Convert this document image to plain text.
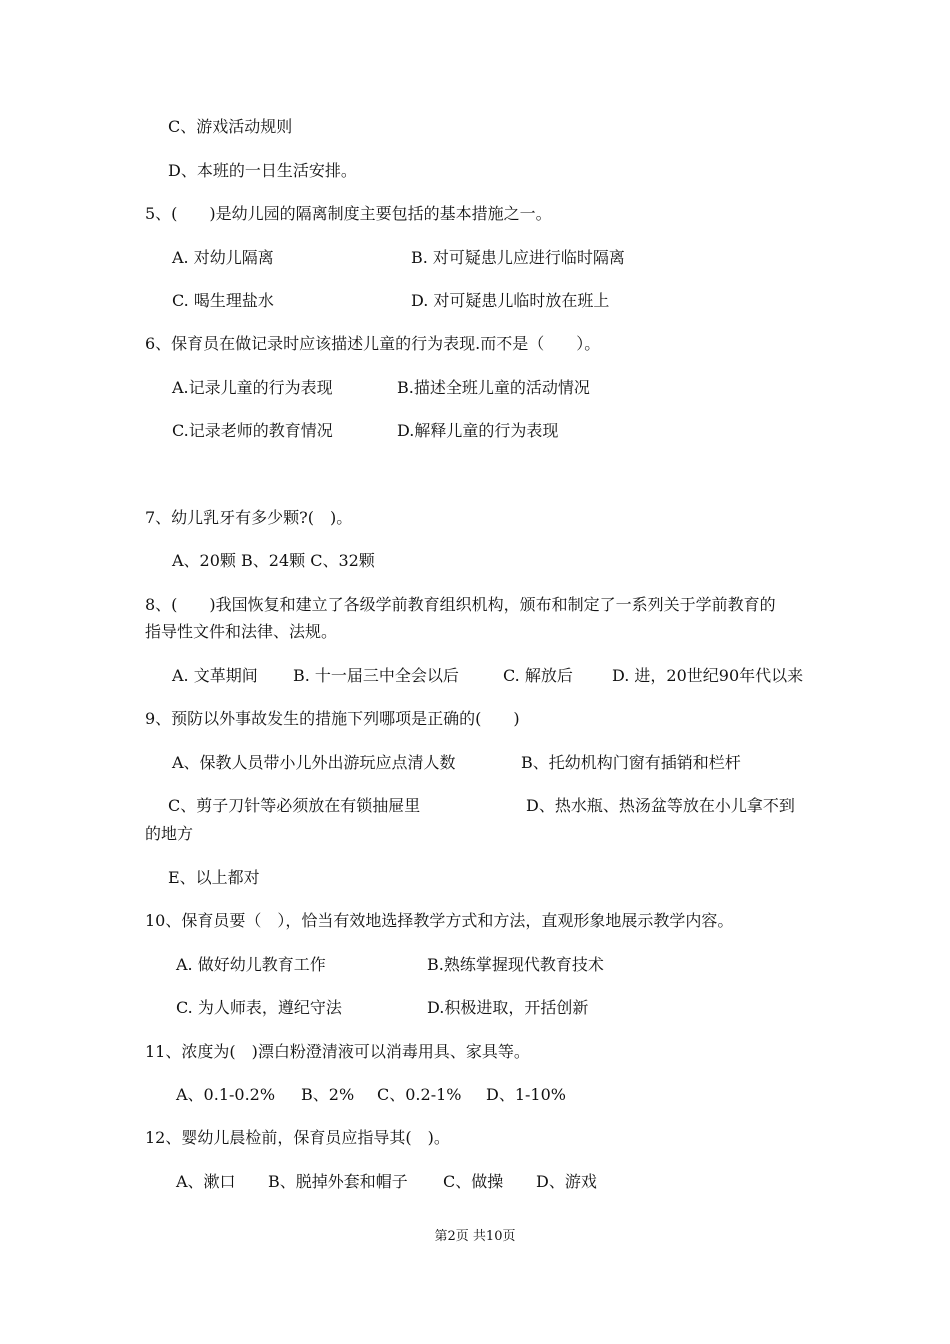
C、游戏活动规则
D、本班的一日生活安排。
5、(　　)是幼儿园的隔离制度主要包括的基本措施之一。
A. 对幼儿隔离	B. 对可疑患儿应进行临时隔离
C. 喝生理盐水	D. 对可疑患儿临时放在班上
6、保育员在做记录时应该描述儿童的行为表现.而不是（　　）。
A.记录儿童的行为表现	B.描述全班儿童的活动情况
C.记录老师的教育情况	D.解释儿童的行为表现
7、幼儿乳牙有多少颗?(　)。
A、20颗 B、24颗 C、32颗
8、(　　)我国恢复和建立了各级学前教育组织机构，颁布和制定了一系列关于学前教育的
指导性文件和法律、法规。
A. 文革期间 B. 十一届三中全会以后	C. 解放后 D. 进，20世纪90年代以来
9、预防以外事故发生的措施下列哪项是正确的(　　)
A、保教人员带小儿外出游玩应点清人数	B、托幼机构门窗有插销和栏杆
C、剪子刀针等必须放在有锁抽屉里	D、热水瓶、热汤盆等放在小儿拿不到
的地方
E、以上都对
10、保育员要（　），恰当有效地选择教学方式和方法，直观形象地展示教学内容。
A. 做好幼儿教育工作	B.熟练掌握现代教育技术
C. 为人师表，遵纪守法	D.积极进取，开括创新
11、浓度为(　)漂白粉澄清液可以消毒用具、家具等。
A、0.1-0.2% B、2% C、0.2-1% D、1-10%
12、婴幼儿晨检前，保育员应指导其(　)。
A、漱口 B、脱掉外套和帽子 C、做操 D、游戏
第2页 共10页
